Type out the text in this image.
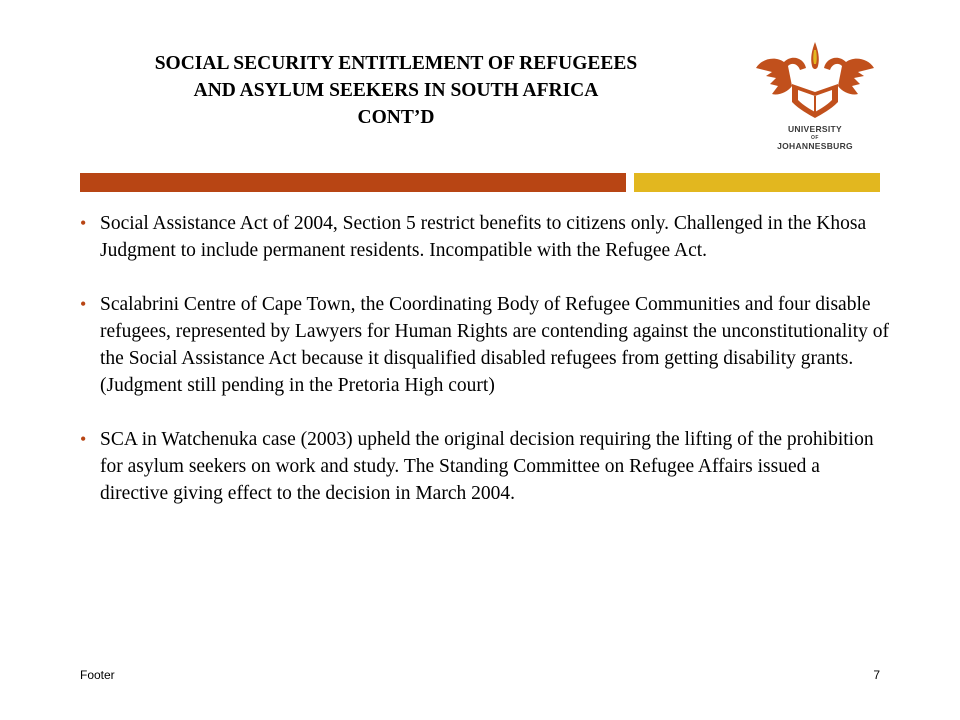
SOCIAL SECURITY ENTITLEMENT OF REFUGEEES
AND ASYLUM SEEKERS IN SOUTH AFRICA
CONT’D
UNIVERSITY
OF
JOHANNESBURG
• Social Assistance Act of 2004, Section 5 restrict benefits to citizens only. Challenged in the Khosa Judgment to include permanent residents. Incompatible with the Refugee Act.
• Scalabrini Centre of Cape Town, the Coordinating Body of Refugee Communities and four disable refugees, represented by Lawyers for Human Rights are contending against the unconstitutionality of the Social Assistance Act because it disqualified disabled refugees from getting disability grants. (Judgment still pending in the Pretoria High court)
• SCA in Watchenuka case (2003) upheld the original decision requiring the lifting of the prohibition for asylum seekers on work and study. The Standing Committee on Refugee Affairs issued a directive giving effect to the decision in March 2004.
Footer	7
